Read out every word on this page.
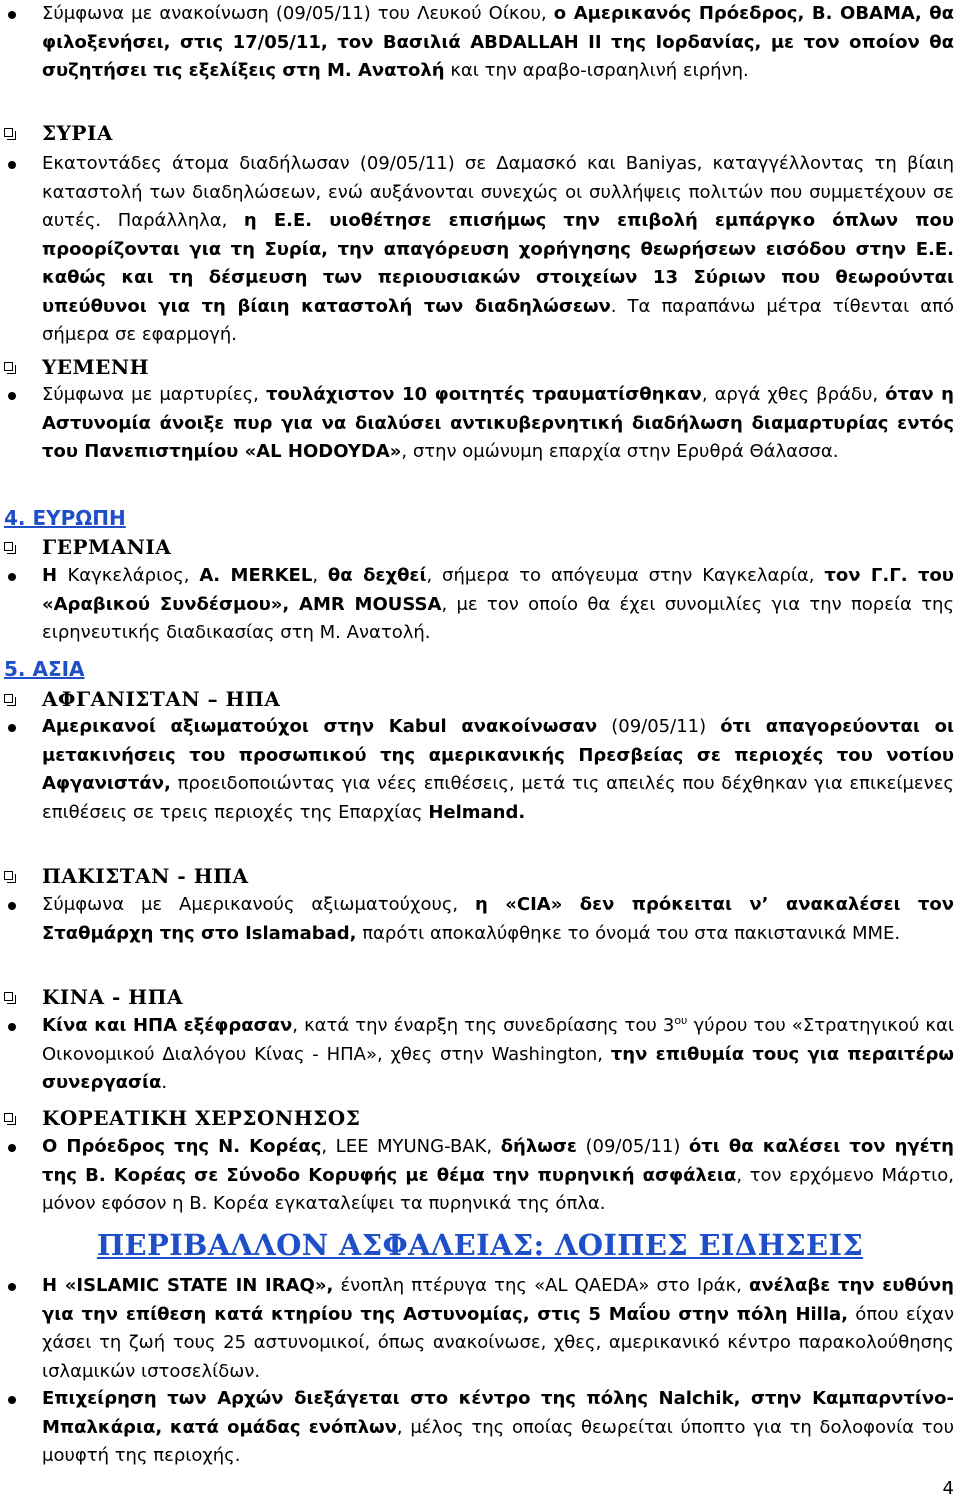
Σύμφωνα με ανακοίνωση (09/05/11) του Λευκού Οίκου, ο Αμερικανός Πρόεδρος, Β. ΟΒΑΜΑ, θα φιλοξενήσει, στις 17/05/11, τον Βασιλιά ABDALLAH II της Ιορδανίας, με τον οποίον θα συζητήσει τις εξελίξεις στη Μ. Ανατολή και την αραβο-ισραηλινή ειρήνη.

ΣΥΡΙΑ

Εκατοντάδες άτομα διαδήλωσαν (09/05/11) σε Δαμασκό και Baniyas, καταγγέλλοντας τη βίαιη καταστολή των διαδηλώσεων, ενώ αυξάνονται συνεχώς οι συλλήψεις πολιτών που συμμετέχουν σε αυτές. Παράλληλα, η Ε.Ε. υιοθέτησε επισήμως την επιβολή εμπάργκο όπλων που προορίζονται για τη Συρία, την απαγόρευση χορήγησης θεωρήσεων εισόδου στην Ε.Ε. καθώς και τη δέσμευση των περιουσιακών στοιχείων 13 Σύριων που θεωρούνται υπεύθυνοι για τη βίαιη καταστολή των διαδηλώσεων. Τα παραπάνω μέτρα τίθενται από σήμερα σε εφαρμογή.

ΥΕΜΕΝΗ

Σύμφωνα με μαρτυρίες, τουλάχιστον 10 φοιτητές τραυματίσθηκαν, αργά χθες βράδυ, όταν η Αστυνομία άνοιξε πυρ για να διαλύσει αντικυβερνητική διαδήλωση διαμαρτυρίας εντός του Πανεπιστημίου «AL HODOYDA», στην ομώνυμη επαρχία στην Ερυθρά Θάλασσα.

4. ΕΥΡΩΠΗ
ΓΕΡΜΑΝΙΑ

Η Καγκελάριος, Α. MERKEL, θα δεχθεί, σήμερα το απόγευμα στην Καγκελαρία, τον Γ.Γ. του «Αραβικού Συνδέσμου», AMR MOUSSA, με τον οποίο θα έχει συνομιλίες για την πορεία της ειρηνευτικής διαδικασίας στη Μ. Ανατολή.

5. ΑΣΙΑ
ΑΦΓΑΝΙΣΤΑΝ – ΗΠΑ

Αμερικανοί αξιωματούχοι στην Kabul ανακοίνωσαν (09/05/11) ότι απαγορεύονται οι μετακινήσεις του προσωπικού της αμερικανικής Πρεσβείας σε περιοχές του νοτίου Αφγανιστάν, προειδοποιώντας για νέες επιθέσεις, μετά τις απειλές που δέχθηκαν για επικείμενες επιθέσεις σε τρεις περιοχές της Επαρχίας Helmand.

ΠΑΚΙΣΤΑΝ - ΗΠΑ

Σύμφωνα με Αμερικανούς αξιωματούχους, η «CIA» δεν πρόκειται ν’ ανακαλέσει τον Σταθμάρχη της στο Islamabad, παρότι αποκαλύφθηκε το όνομά του στα πακιστανικά ΜΜΕ.

ΚΙΝΑ - ΗΠΑ

Κίνα και ΗΠΑ εξέφρασαν, κατά την έναρξη της συνεδρίασης του $3^{o\upsilon}$ γύρου του «Στρατηγικού και Οικονομικού Διαλόγου Κίνας - ΗΠΑ», χθες στην Washington, την επιθυμία τους για περαιτέρω συνεργασία.

ΚΟΡΕΑΤΙΚΗ ΧΕΡΣΟΝΗΣΟΣ

Ο Πρόεδρος της Ν. Κορέας, LEE MYUNG-BAK, δήλωσε (09/05/11) ότι θα καλέσει τον ηγέτη της Β. Κορέας σε Σύνοδο Κορυφής με θέμα την πυρηνική ασφάλεια, τον ερχόμενο Μάρτιο, μόνον εφόσον η Β. Κορέα εγκαταλείψει τα πυρηνικά της όπλα.

ΠΕΡΙΒΑΛΛΟΝ ΑΣΦΑΛΕΙΑΣ: ΛΟΙΠΕΣ ΕΙΔΗΣΕΙΣ

Η «ISLAMIC STATE IN IRAQ», ένοπλη πτέρυγα της «AL QAEDA» στο Ιράκ, ανέλαβε την ευθύνη για την επίθεση κατά κτηρίου της Αστυνομίας, στις 5 Μαΐου στην πόλη Hilla, όπου είχαν χάσει τη ζωή τους 25 αστυνομικοί, όπως ανακοίνωσε, χθες, αμερικανικό κέντρο παρακολούθησης ισλαμικών ιστοσελίδων.

Επιχείρηση των Αρχών διεξάγεται στο κέντρο της πόλης Nalchik, στην Καμπαρντίνο-Μπαλκάρια, κατά ομάδας ενόπλων, μέλος της οποίας θεωρείται ύποπτο για τη δολοφονία του μουφτή της περιοχής.

4
